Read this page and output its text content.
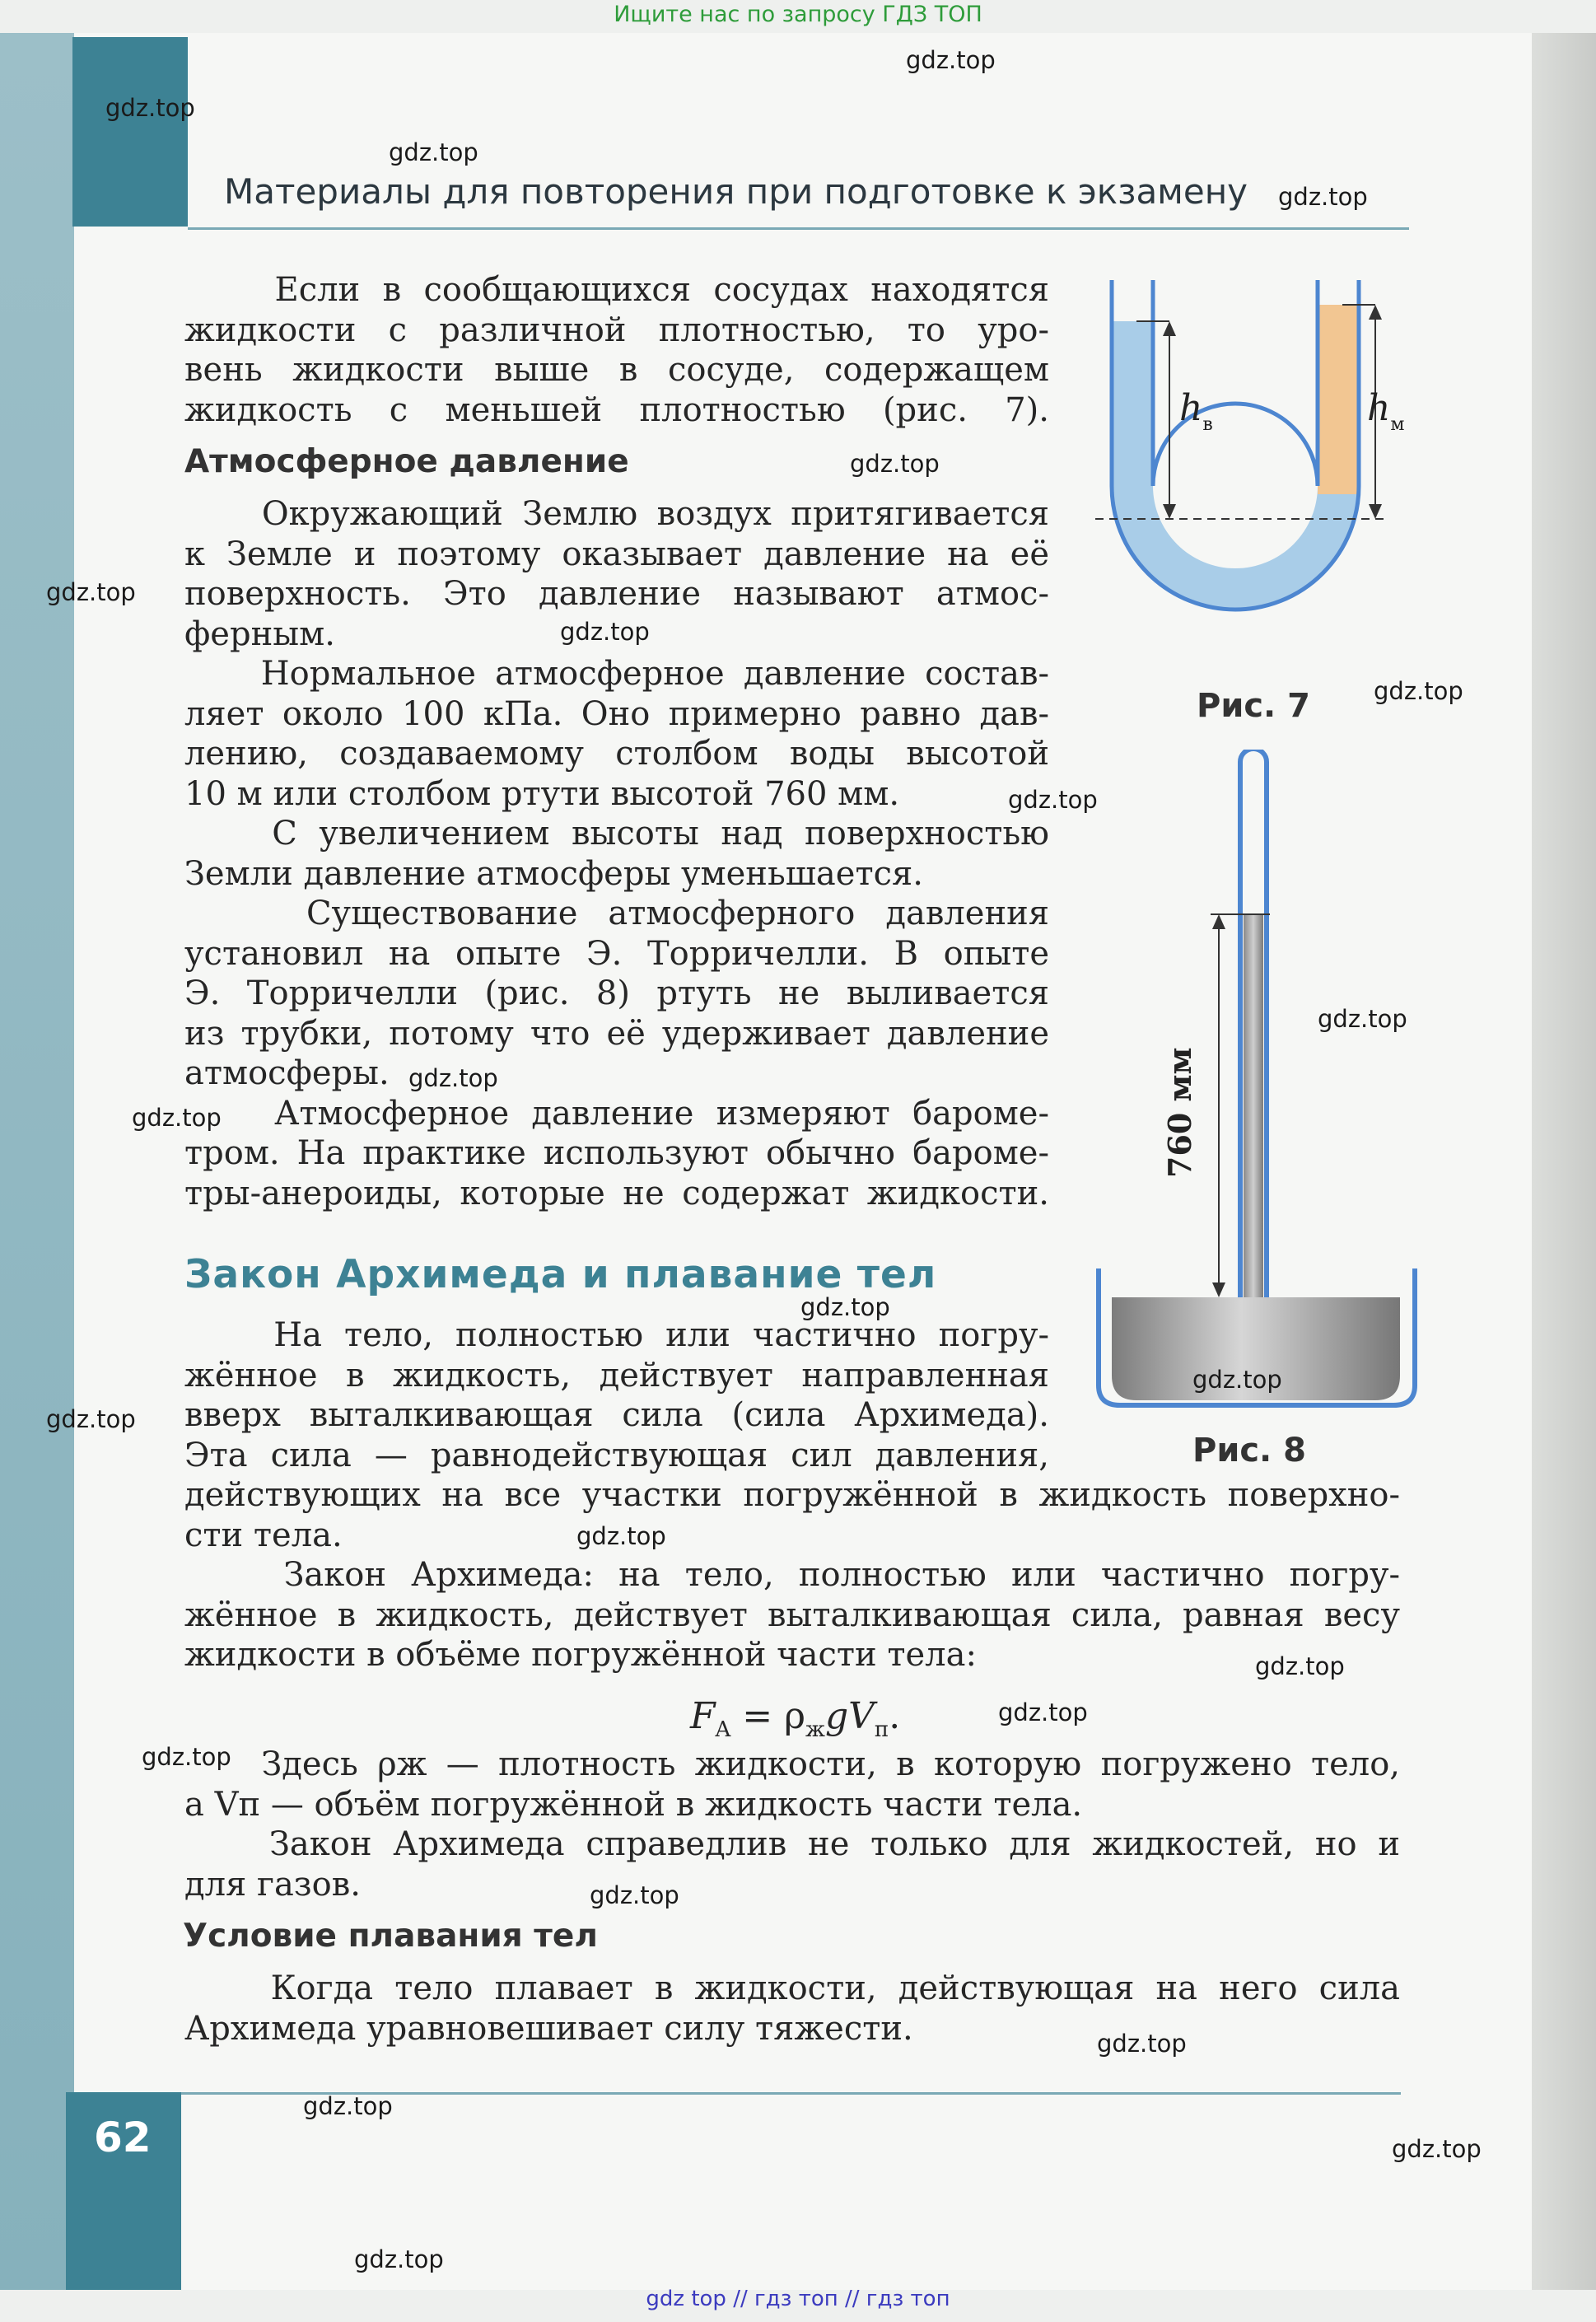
Ищите нас по запросу ГДЗ ТОП
Материалы для повторения при подготовке к экзамену
Если в сообщающихся сосудах находятся
жидкости с различной плотностью, то уро-
вень жидкости выше в сосуде, содержащем
жидкость с меньшей плотностью (рис. 7).
Атмосферное давление
Окружающий Землю воздух притягивается
к Земле и поэтому оказывает давление на её
поверхность. Это давление называют атмос-
ферным.
Нормальное атмосферное давление состав-
ляет около 100 кПа. Оно примерно равно дав-
лению, создаваемому столбом воды высотой
10 м или столбом ртути высотой 760 мм.
С увеличением высоты над поверхностью
Земли давление атмосферы уменьшается.
Существование атмосферного давления
установил на опыте Э. Торричелли. В опыте
Э. Торричелли (рис. 8) ртуть не выливается
из трубки, потому что её удерживает давление
атмосферы.
Атмосферное давление измеряют бароме-
тром. На практике используют обычно бароме-
тры-анероиды, которые не содержат жидкости.
Закон Архимеда и плавание тел
На тело, полностью или частично погру-
жённое в жидкость, действует направленная
вверх выталкивающая сила (сила Архимеда).
Эта сила — равнодействующая сил давления,
действующих на все участки погружённой в жидкость поверхно-
сти тела.
Закон Архимеда: на тело, полностью или частично погру-
жённое в жидкость, действует выталкивающая сила, равная весу
жидкости в объёме погружённой части тела:
$F_A = \rho_жgV_п$.
Здесь ρж — плотность жидкости, в которую погружено тело,
а Vп — объём погружённой в жидкость части тела.
Закон Архимеда справедлив не только для жидкостей, но и
для газов.
Условие плавания тел
Когда тело плавает в жидкости, действующая на него сила
Архимеда уравновешивает силу тяжести.
$h_в$	$h_м$
Рис. 7
760 мм
Рис. 8
62
gdz top // гдз топ // гдз топ
gdz.top
gdz.top
gdz.top
gdz.top
gdz.top
gdz.top
gdz.top
gdz.top
gdz.top
gdz.top
gdz.top
gdz.top
gdz.top
gdz.top
gdz.top
gdz.top
gdz.top
gdz.top
gdz.top
gdz.top
gdz.top
gdz.top
gdz.top
gdz.top
